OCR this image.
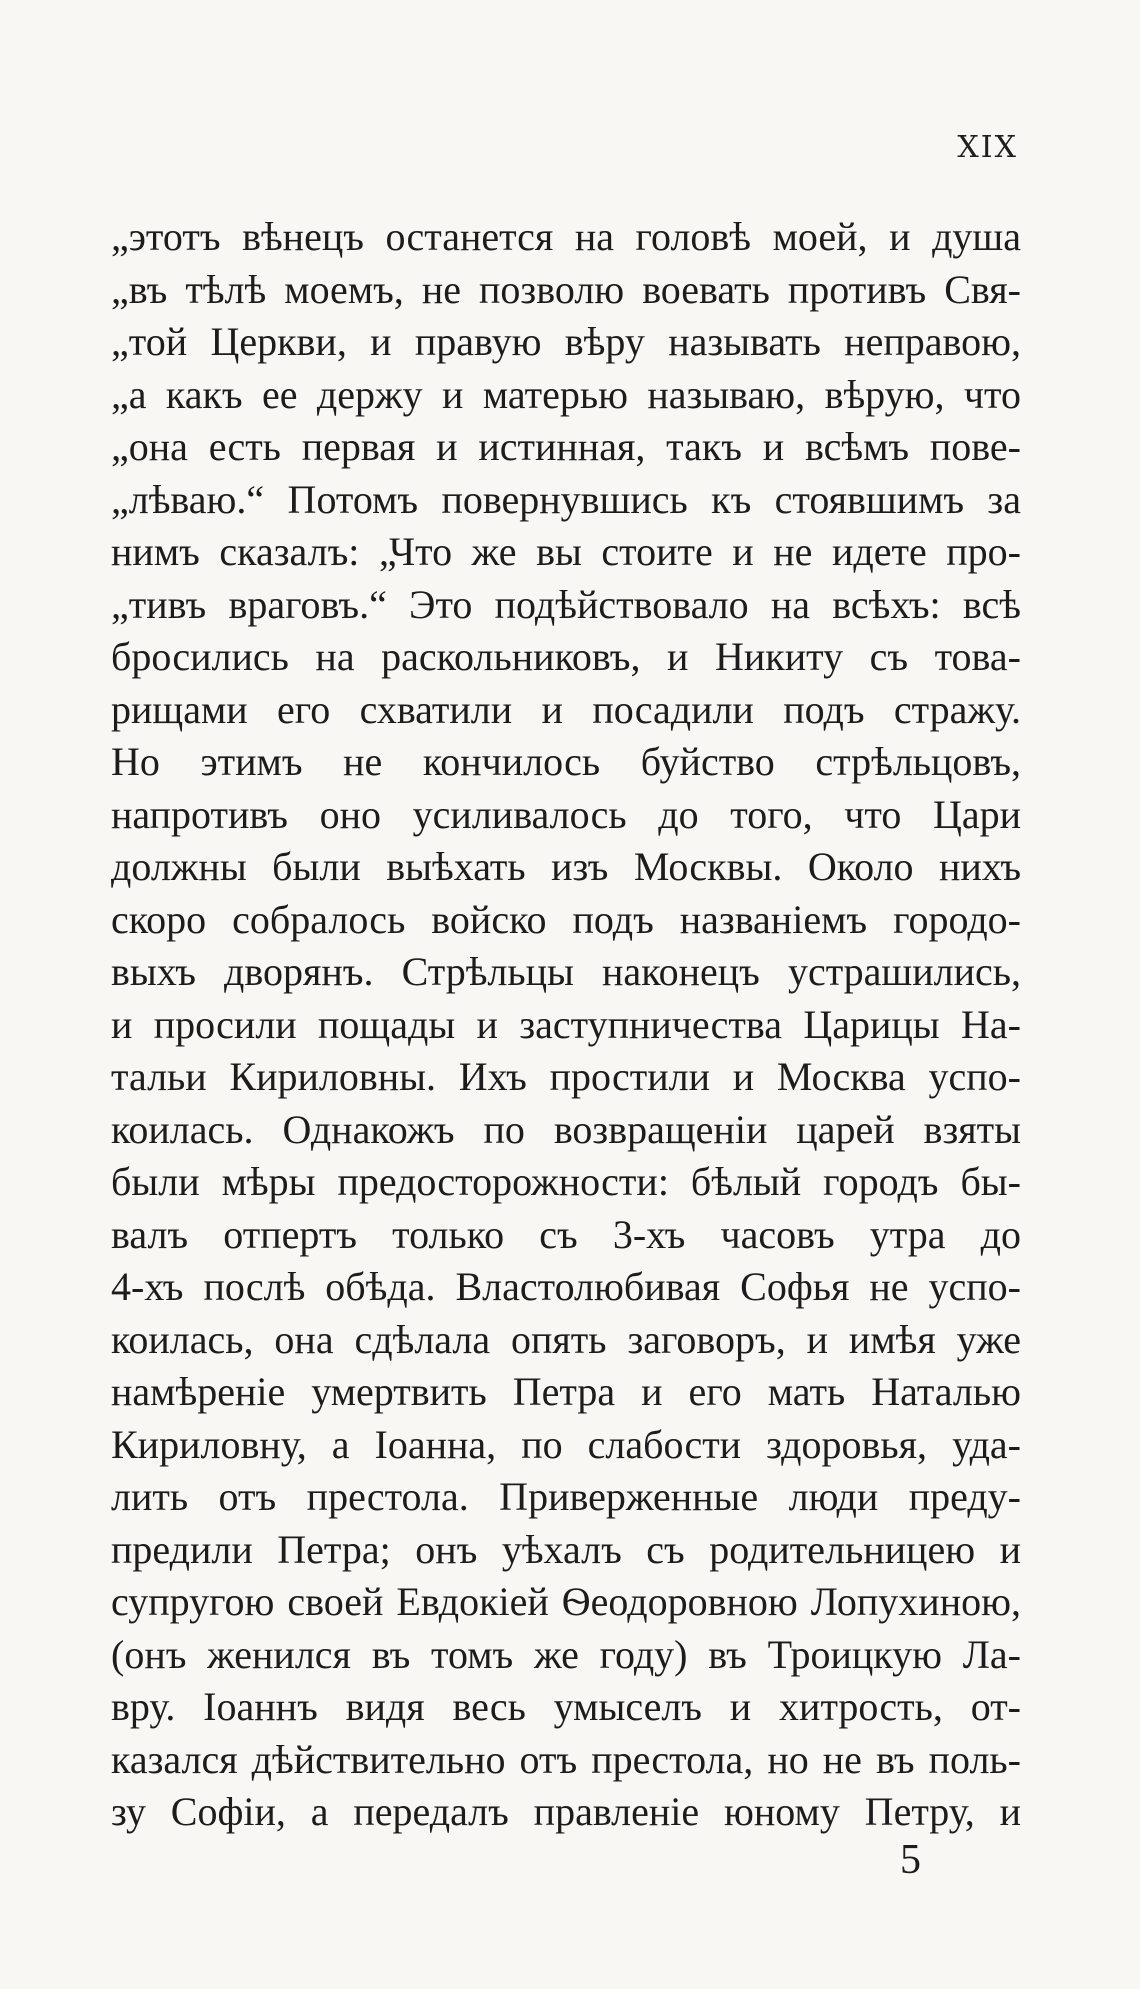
XIX
„этотъ вѣнецъ останется на головѣ моей, и душа
„въ тѣлѣ моемъ, не позволю воевать противъ Свя-
„той Церкви, и правую вѣру называть неправою,
„а какъ ее держу и матерью называю, вѣрую, что
„она есть первая и истинная, такъ и всѣмъ пове-
„лѣваю.“ Потомъ повернувшись къ стоявшимъ за
нимъ сказалъ: „Что же вы стоите и не идете про-
„тивъ враговъ.“ Это подѣйствовало на всѣхъ: всѣ
бросились на раскольниковъ, и Никиту съ това-
рищами его схватили и посадили подъ стражу.
Но этимъ не кончилось буйство стрѣльцовъ,
напротивъ оно усиливалось до того, что Цари
должны были выѣхать изъ Москвы. Около нихъ
скоро собралось войско подъ названіемъ городо-
выхъ дворянъ. Стрѣльцы наконецъ устрашились,
и просили пощады и заступничества Царицы На-
тальи Кириловны. Ихъ простили и Москва успо-
коилась. Однакожъ по возвращеніи царей взяты
были мѣры предосторожности: бѣлый городъ бы-
валъ отпертъ только съ 3-хъ часовъ утра до
4-хъ послѣ обѣда. Властолюбивая Софья не успо-
коилась, она сдѣлала опять заговоръ, и имѣя уже
намѣреніе умертвить Петра и его мать Наталью
Кириловну, а Іоанна, по слабости здоровья, уда-
лить отъ престола. Приверженные люди преду-
предили Петра; онъ уѣхалъ съ родительницею и
супругою своей Евдокіей Ѳеодоровною Лопухиною,
(онъ женился въ томъ же году) въ Троицкую Ла-
вру. Іоаннъ видя весь умыселъ и хитрость, от-
казался дѣйствительно отъ престола, но не въ поль-
зу Софіи, а передалъ правленіе юному Петру, и
5
